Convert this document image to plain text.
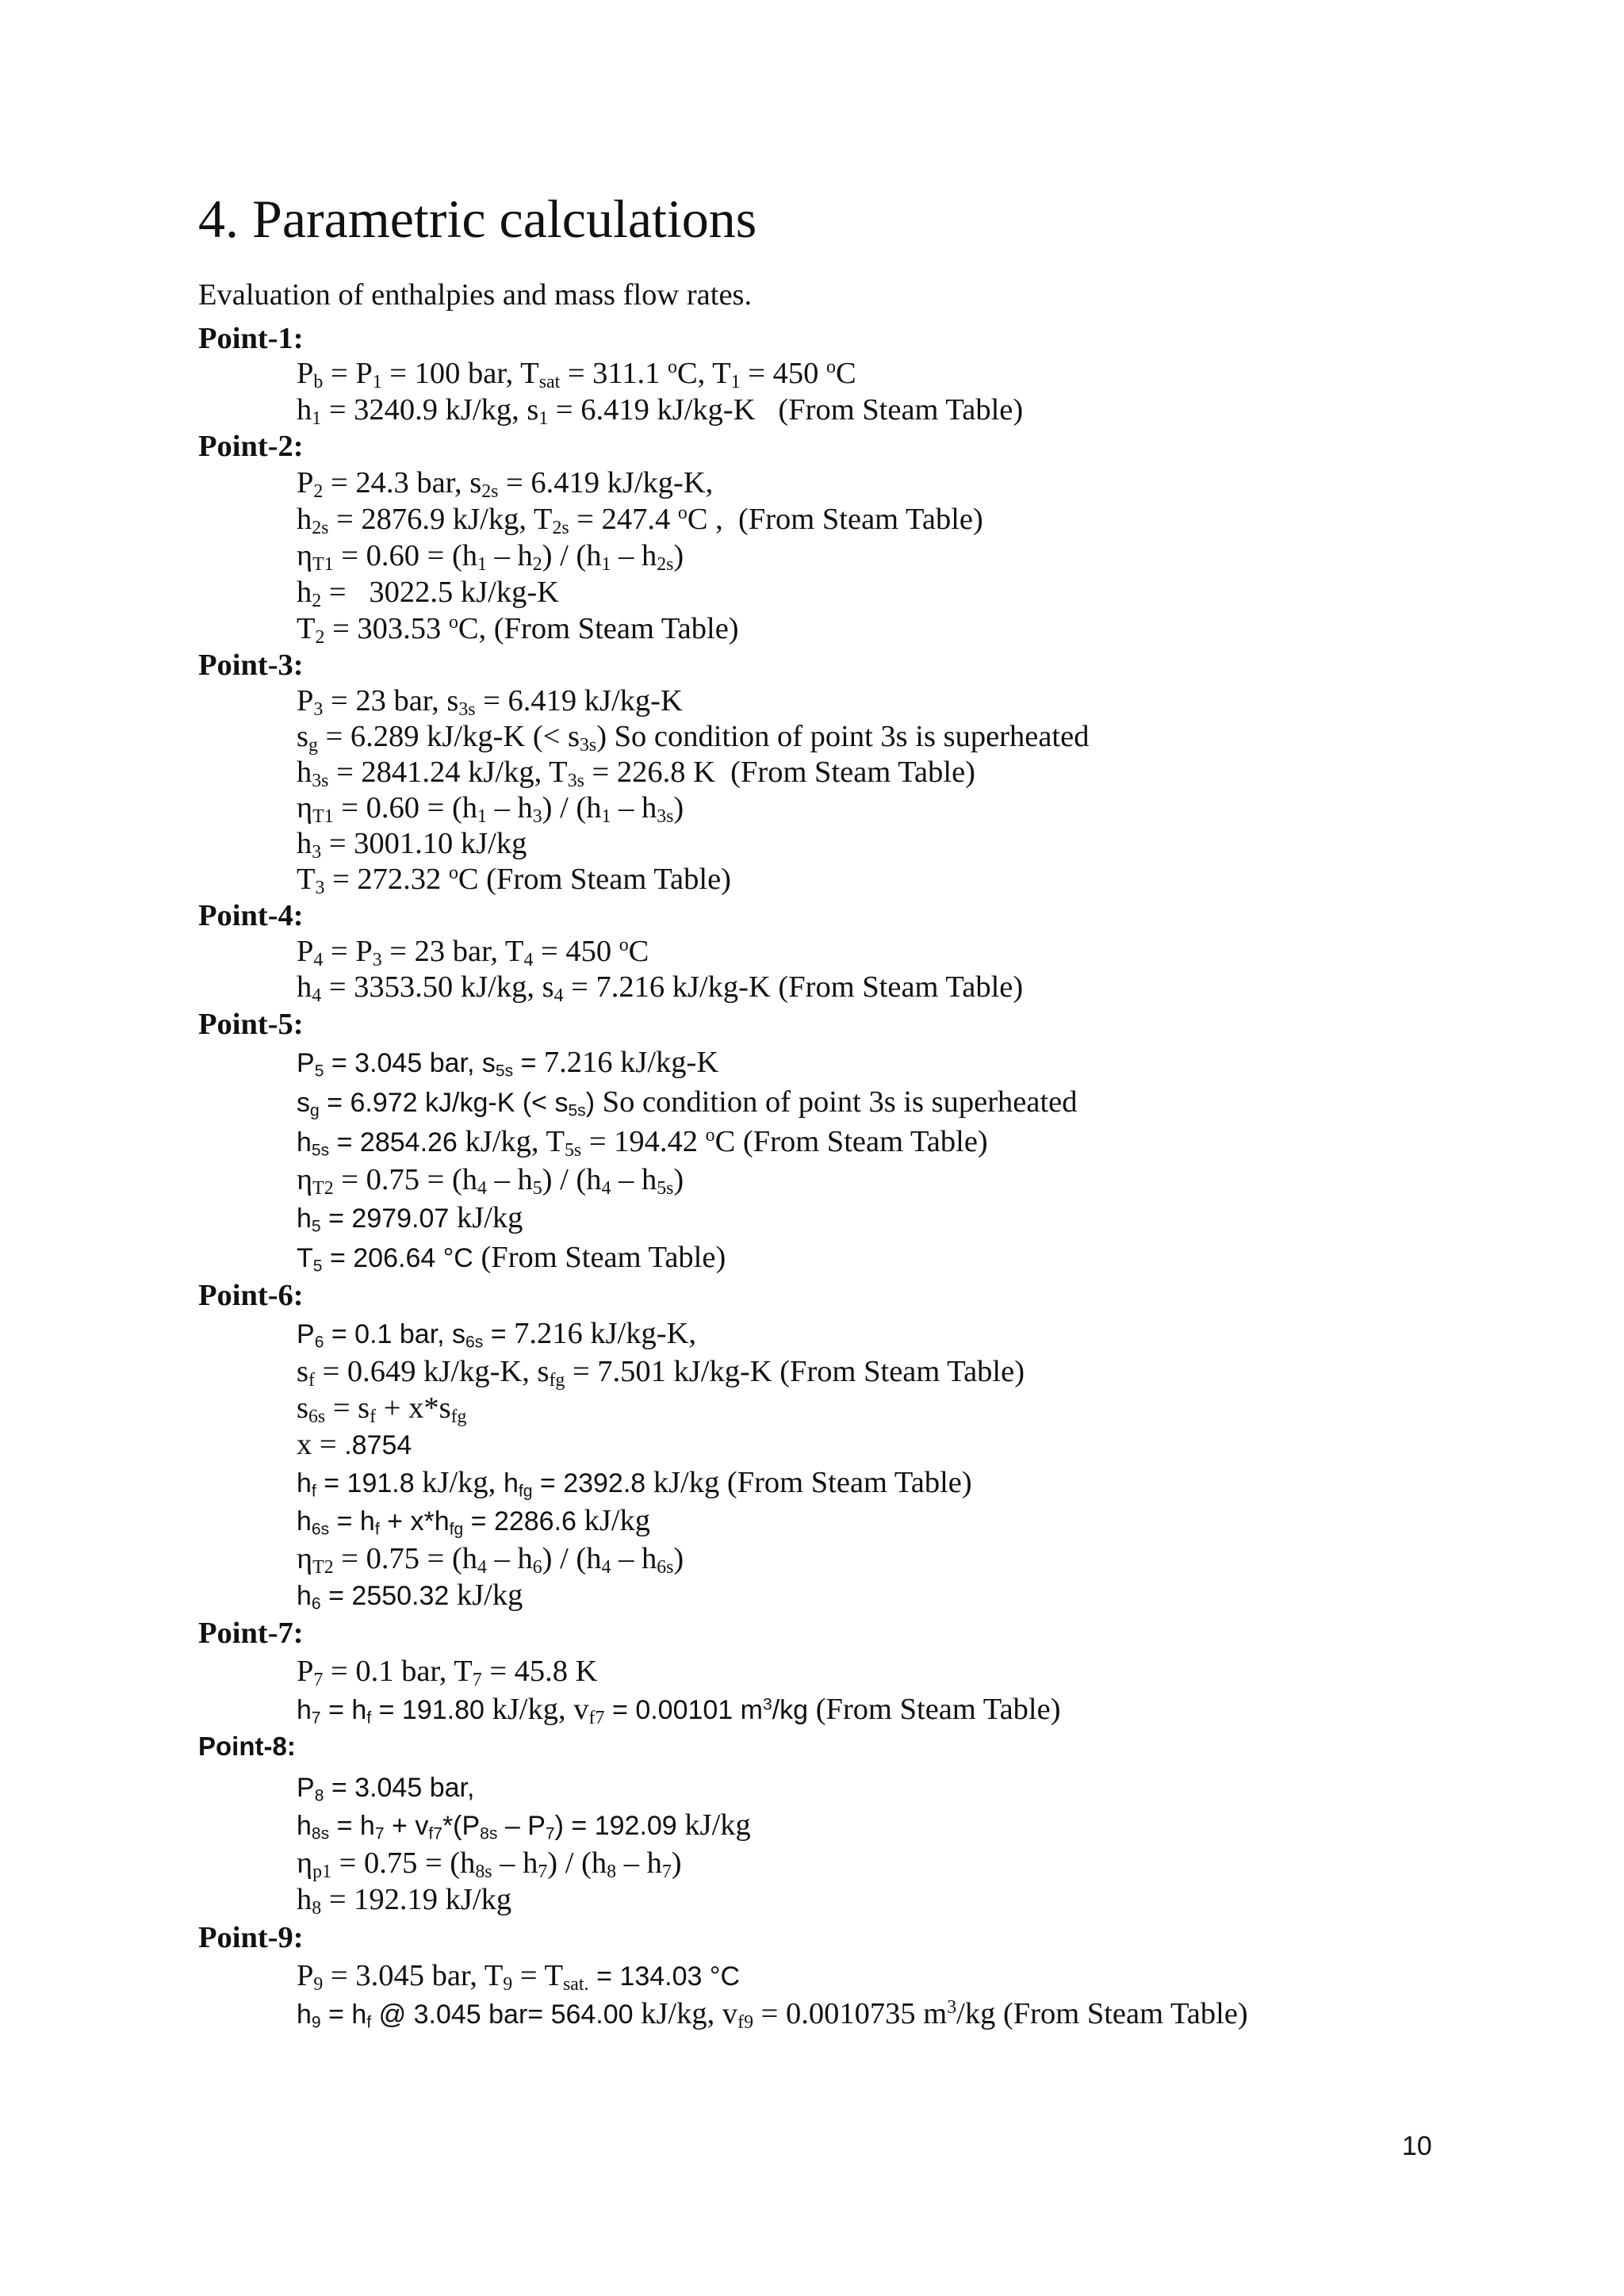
4. Parametric calculations
Evaluation of enthalpies and mass flow rates.
Point-1:
$P_b = P_1 = 100$ bar, $T_{sat} = 311.1$ $^o$C, $T_1 = 450$ $^o$C
$h_1 = 3240.9$ kJ/kg, $s_1 = 6.419$ kJ/kg-K   (From Steam Table)
Point-2:
$P_2 = 24.3$ bar, $s_{2s} = 6.419$ kJ/kg-K,
$h_{2s} = 2876.9$ kJ/kg, $T_{2s} = 247.4$ $^o$C ,  (From Steam Table)
$\eta_{T1} = 0.60 = (h_1 - h_2) / (h_1 - h_{2s})$
$h_2 = 3022.5$ kJ/kg-K
$T_2 = 303.53$ $^o$C, (From Steam Table)
Point-3:
$P_3 = 23$ bar, $s_{3s} = 6.419$ kJ/kg-K
$s_g = 6.289$ kJ/kg-K (< $s_{3s}$) So condition of point 3s is superheated
$h_{3s} = 2841.24$ kJ/kg, $T_{3s} = 226.8$ K  (From Steam Table)
$\eta_{T1} = 0.60 = (h_1 - h_3) / (h_1 - h_{3s})$
$h_3 = 3001.10$ kJ/kg
$T_3 = 272.32$ $^o$C (From Steam Table)
Point-4:
$P_4 = P_3 = 23$ bar, $T_4 = 450$ $^o$C
$h_4 = 3353.50$ kJ/kg, $s_4 = 7.216$ kJ/kg-K (From Steam Table)
Point-5:
$P_5 = 3.045$ bar, $s_{5s} = 7.216$ kJ/kg-K
$s_g = 6.972$ kJ/kg-K (< $s_{5s}$) So condition of point 3s is superheated
$h_{5s} = 2854.26$ kJ/kg, $T_{5s} = 194.42$ $^o$C (From Steam Table)
$\eta_{T2} = 0.75 = (h_4 - h_5) / (h_4 - h_{5s})$
$h_5 = 2979.07$ kJ/kg
$T_5 = 206.64$ °C (From Steam Table)
Point-6:
$P_6 = 0.1$ bar, $s_{6s} = 7.216$ kJ/kg-K,
$s_f = 0.649$ kJ/kg-K, $s_{fg} = 7.501$ kJ/kg-K (From Steam Table)
$s_{6s} = s_f + x*s_{fg}$
x = .8754
$h_f = 191.8$ kJ/kg, $h_{fg} = 2392.8$ kJ/kg (From Steam Table)
$h_{6s} = h_f + x*h_{fg} = 2286.6$ kJ/kg
$\eta_{T2} = 0.75 = (h_4 - h_6) / (h_4 - h_{6s})$
$h_6 = 2550.32$ kJ/kg
Point-7:
$P_7 = 0.1$ bar, $T_7 = 45.8$ K
$h_7 = h_f = 191.80$ kJ/kg, $v_{f7} = 0.00101$ $m^3/kg$ (From Steam Table)
Point-8:
$P_8 = 3.045$ bar,
$h_{8s} = h_7 + v_{f7}*(P_{8s} - P_7) = 192.09$ kJ/kg
$\eta_{p1} = 0.75 = (h_{8s} - h_7) / (h_8 - h_7)$
$h_8 = 192.19$ kJ/kg
Point-9:
$P_9 = 3.045$ bar, $T_9 = T_{sat.} = 134.03$ °C
$h_9 = h_f$ @ 3.045 bar= 564.00 kJ/kg, $v_{f9} = 0.0010735$ $m^3/kg$ (From Steam Table)
10
